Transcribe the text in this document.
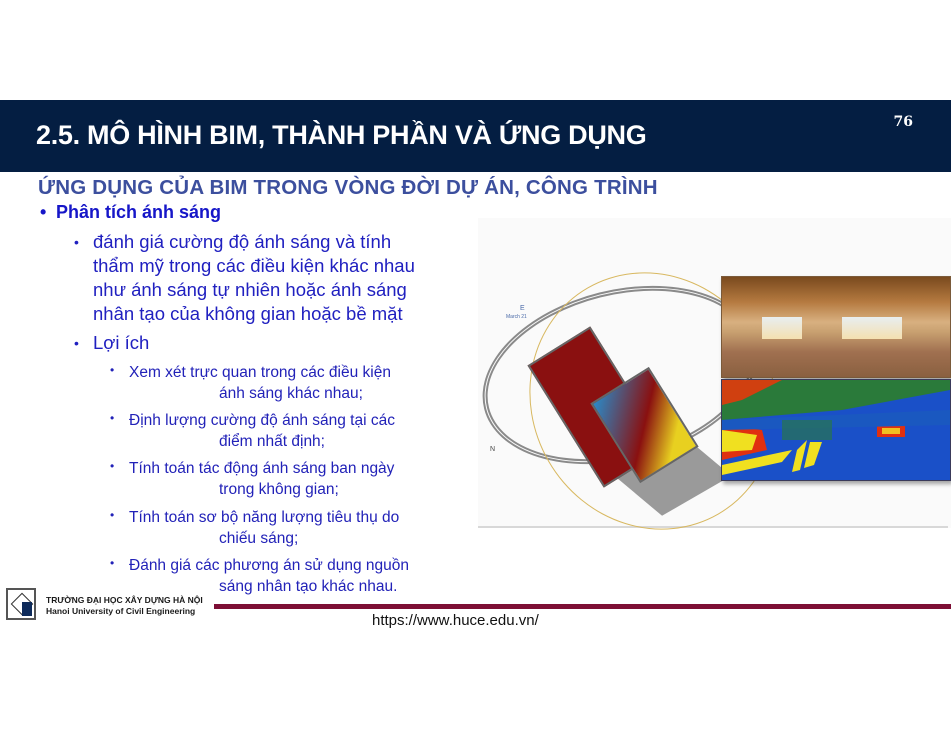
2.5. MÔ HÌNH BIM, THÀNH PHẦN VÀ ỨNG DỤNG	76
ỨNG DỤNG CỦA BIM TRONG VÒNG ĐỜI DỰ ÁN, CÔNG TRÌNH
• Phân tích ánh sáng
• đánh giá cường độ ánh sáng và tính
thẩm mỹ trong các điều kiện khác nhau
như ánh sáng tự nhiên hoặc ánh sáng
nhân tạo của không gian hoặc bề mặt
• Lợi ích
• Xem xét trực quan trong các điều kiện
ánh sáng khác nhau;
• Định lượng cường độ ánh sáng tại các
điểm nhất định;
• Tính toán tác động ánh sáng ban ngày
trong không gian;
• Tính toán sơ bộ năng lượng tiêu thụ do
chiếu sáng;
• Đánh giá các phương án sử dụng nguồn
sáng nhân tạo khác nhau.
E
March 21
N
TRƯỜNG ĐẠI HỌC XÂY DỰNG HÀ NỘI
Hanoi University of Civil Engineering
https://www.huce.edu.vn/
